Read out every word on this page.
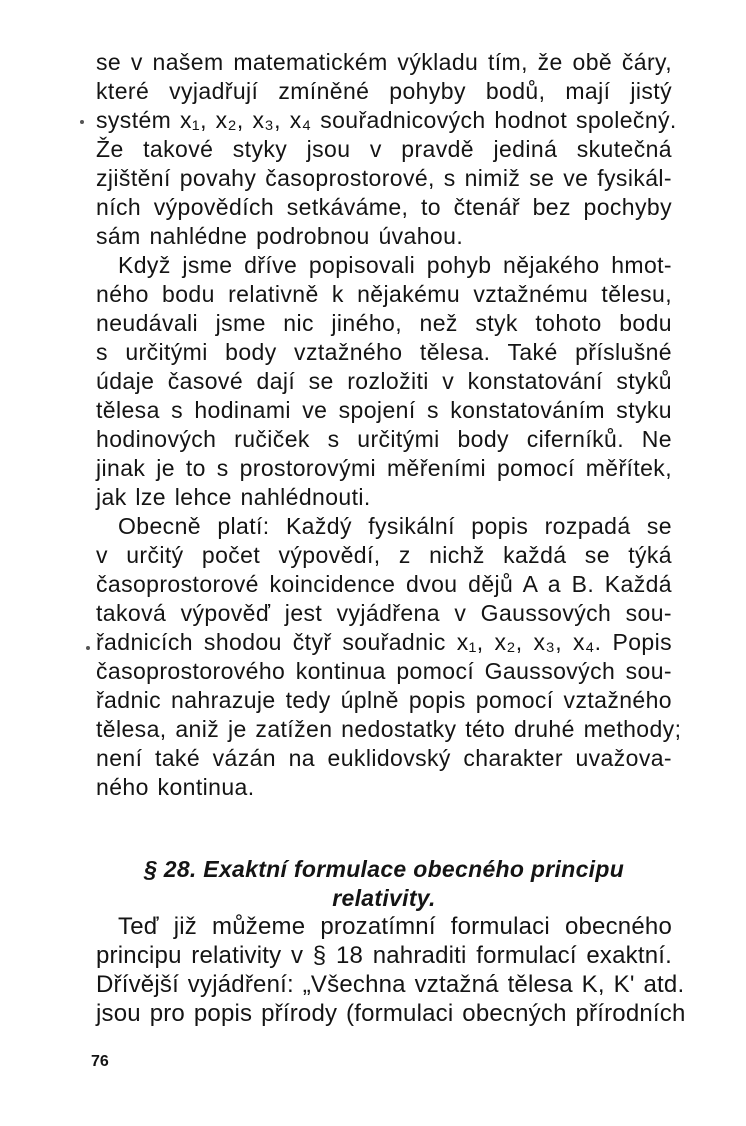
se v našem matematickém výkladu tím, že obě čáry,
které vyjadřují zmíněné pohyby bodů, mají jistý
systém x₁, x₂, x₃, x₄ souřadnicových hodnot společný.
Že takové styky jsou v pravdě jediná skutečná
zjištění povahy časoprostorové, s nimiž se ve fysikál-
ních výpovědích setkáváme, to čtenář bez pochyby
sám nahlédne podrobnou úvahou.

Když jsme dříve popisovali pohyb nějakého hmot-
ného bodu relativně k nějakému vztažnému tělesu,
neudávali jsme nic jiného, než styk tohoto bodu
s určitými body vztažného tělesa. Také příslušné
údaje časové dají se rozložiti v konstatování styků
tělesa s hodinami ve spojení s konstatováním styku
hodinových ručiček s určitými body ciferníků. Ne
jinak je to s prostorovými měřeními pomocí měřítek,
jak lze lehce nahlédnouti.

Obecně platí: Každý fysikální popis rozpadá se
v určitý počet výpovědí, z nichž každá se týká
časoprostorové koincidence dvou dějů A a B. Každá
taková výpověď jest vyjádřena v Gaussových sou-
řadnicích shodou čtyř souřadnic x₁, x₂, x₃, x₄. Popis
časoprostorového kontinua pomocí Gaussových sou-
řadnic nahrazuje tedy úplně popis pomocí vztažného
tělesa, aniž je zatížen nedostatky této druhé methody;
není také vázán na euklidovský charakter uvažova-
ného kontinua.

§ 28. Exaktní formulace obecného principu relativity.

Teď již můžeme prozatímní formulaci obecného
principu relativity v § 18 nahraditi formulací exaktní.
Dřívější vyjádření: „Všechna vztažná tělesa K, K' atd.
jsou pro popis přírody (formulaci obecných přírodních

76
